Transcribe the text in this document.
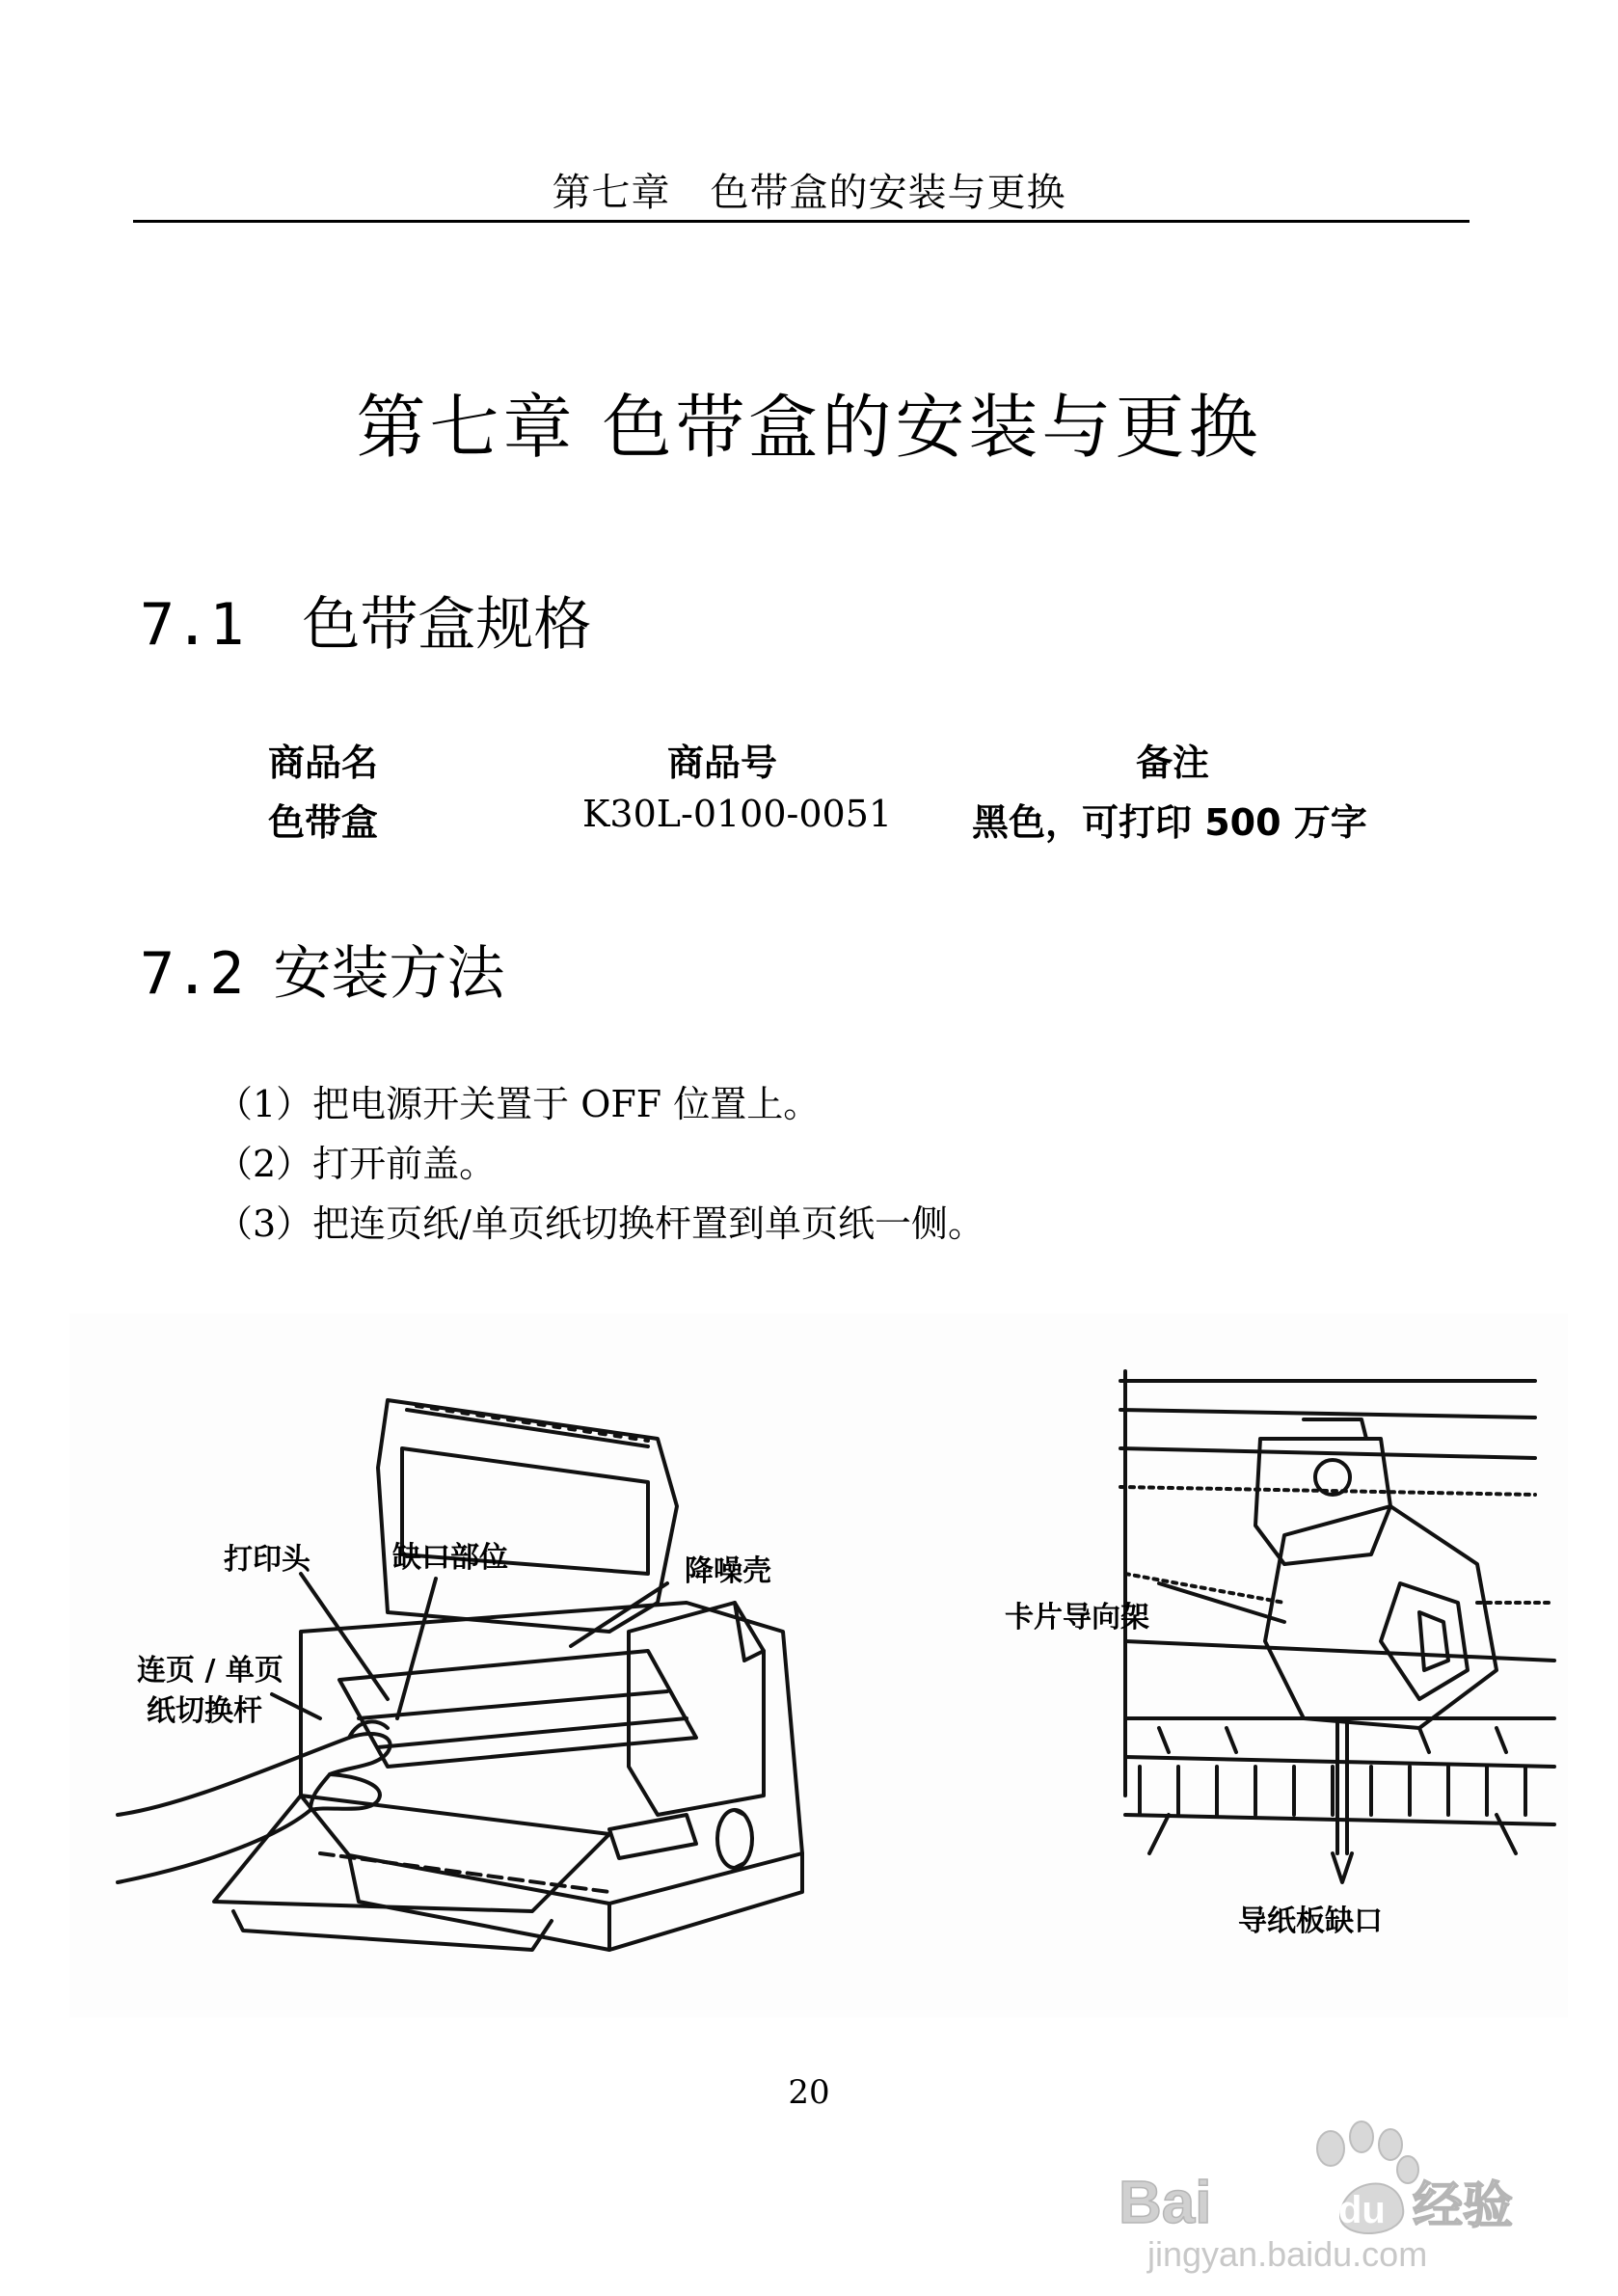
第七章　色带盒的安装与更换
第七章 色带盒的安装与更换
7.1 色带盒规格
商品名	商品号	备注
色带盒	K30L-0100-0051 黑色，可打印 500 万字
7.2 安装方法
（1）把电源开关置于 OFF 位置上。
（2）打开前盖。
（3）把连页纸/单页纸切换杆置到单页纸一侧。
打印头	缺口部位	降噪壳
连页 / 单页
纸切换杆
卡片导向架
导纸板缺口
20
Bai	du 经验
jingyan.baidu.com
